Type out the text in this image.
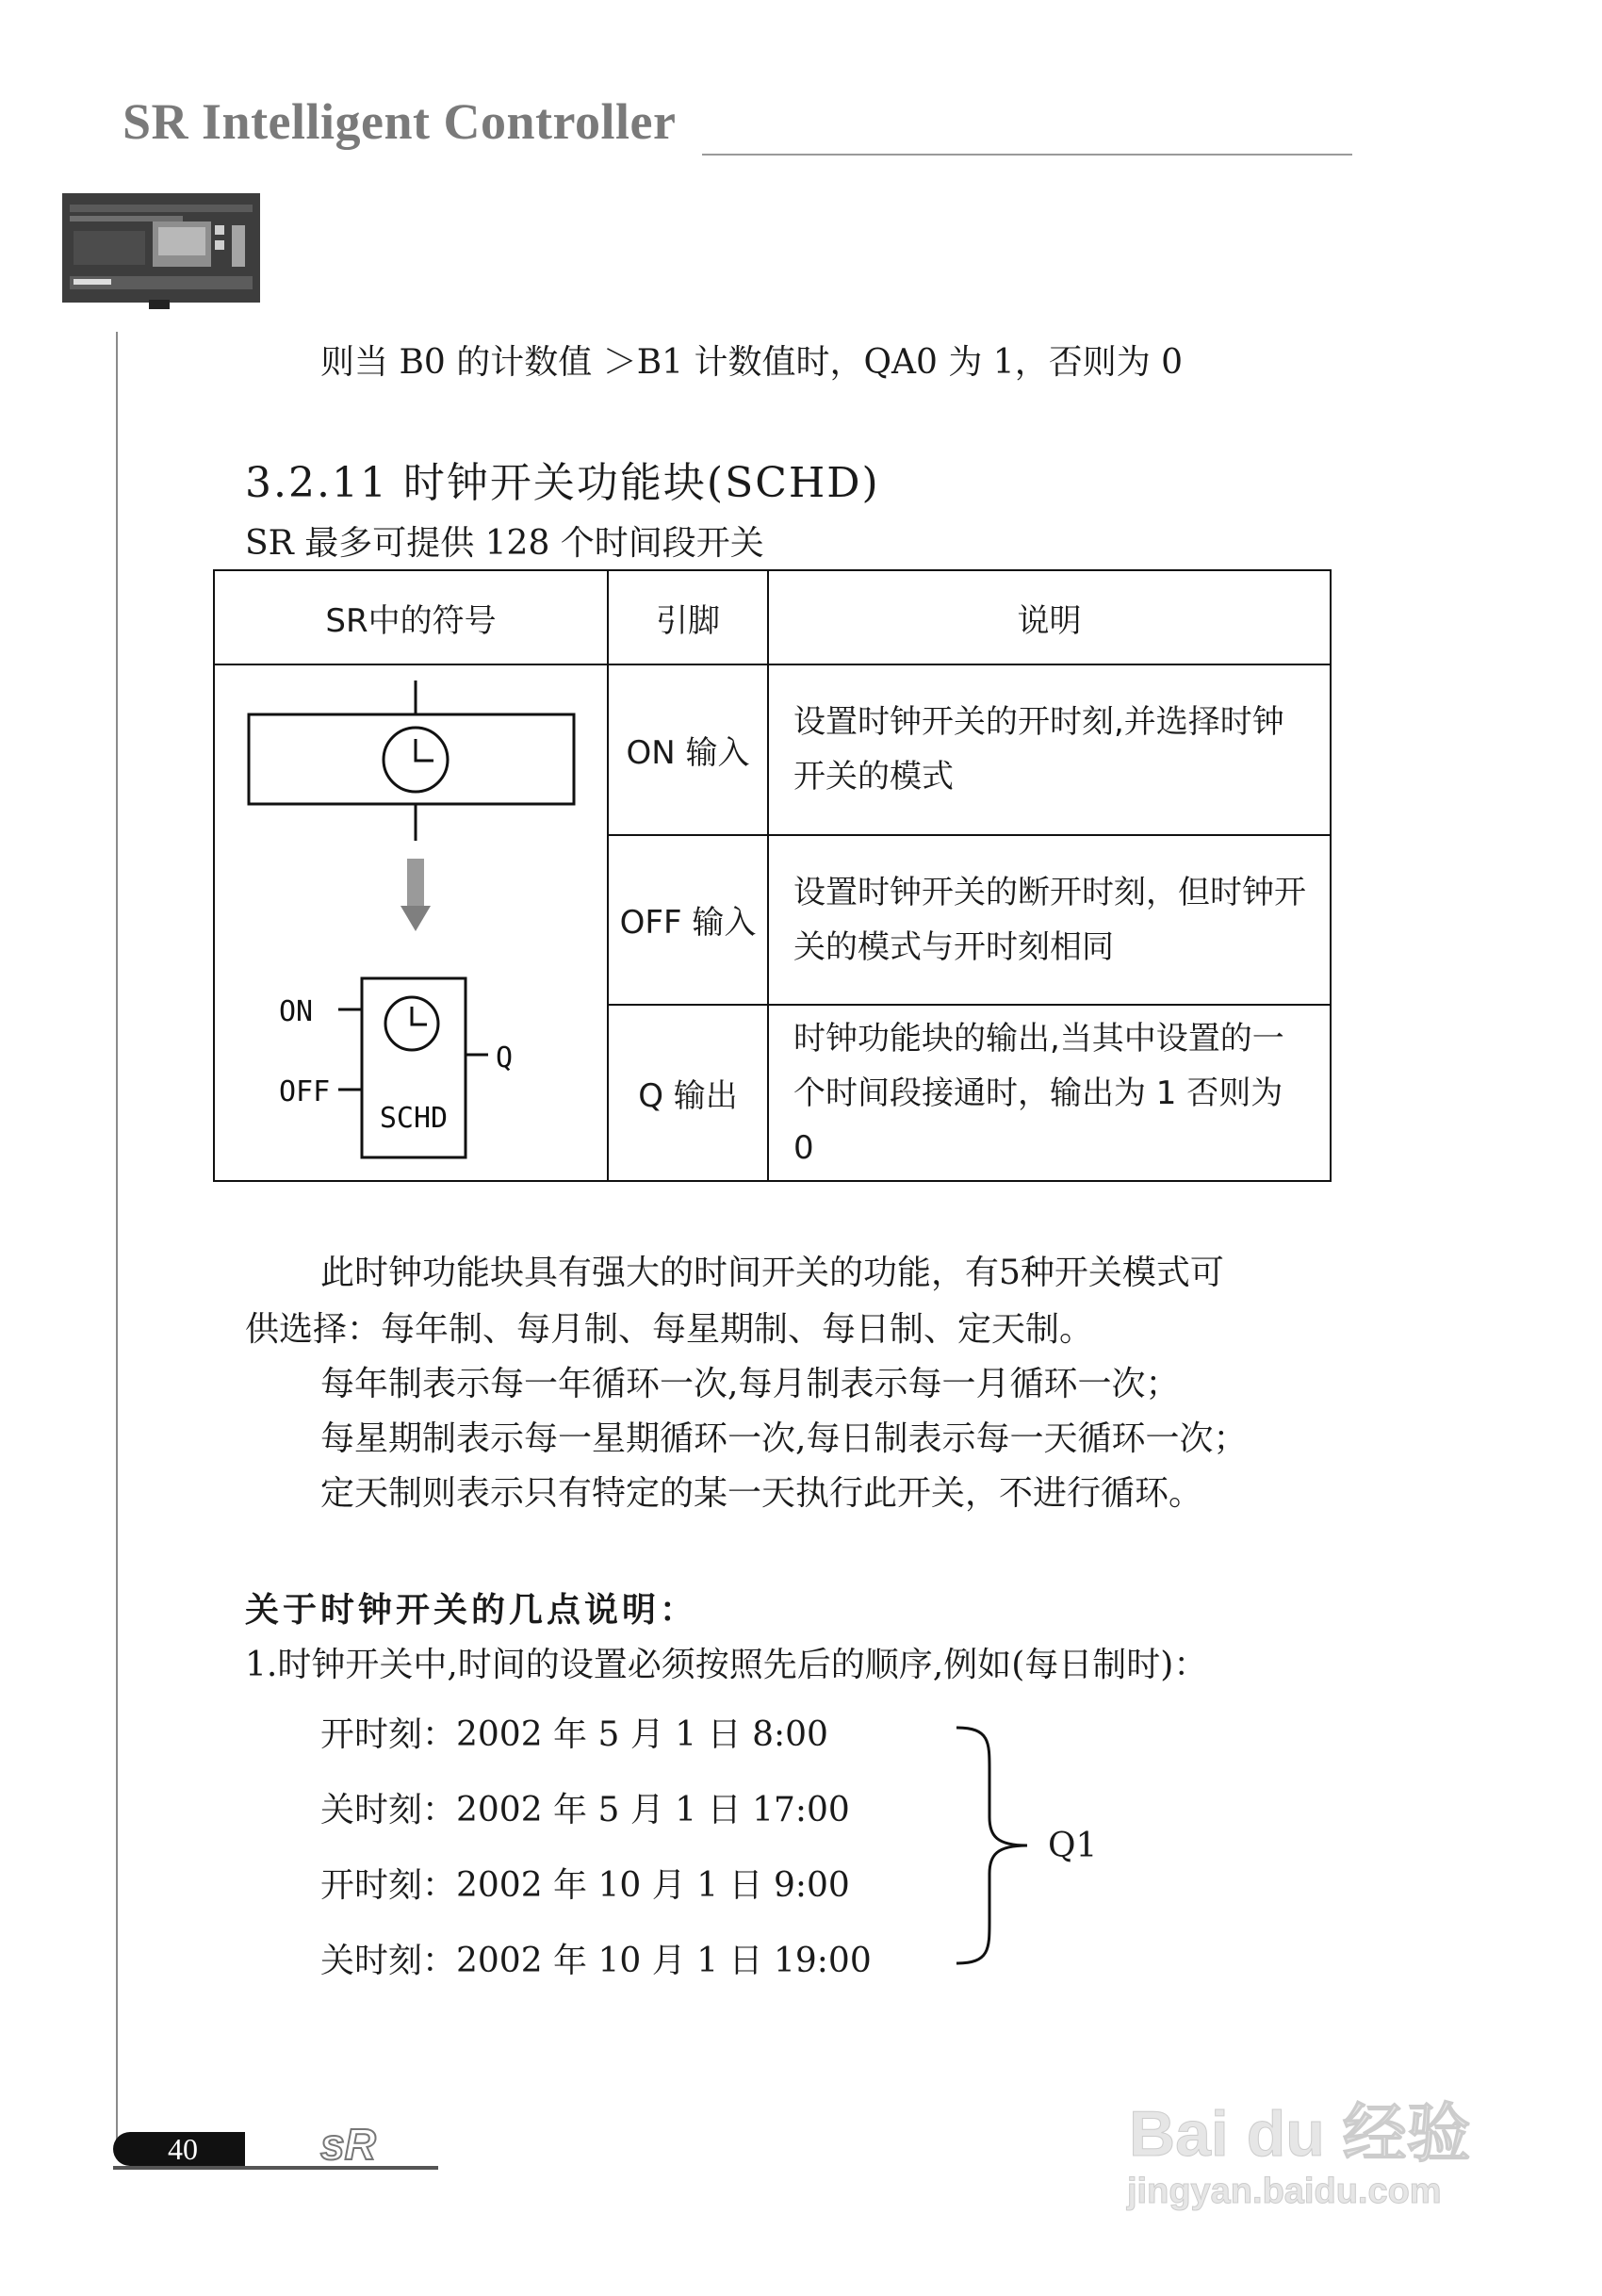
SR Intelligent Controller
则当 B0 的计数值 ＞B1 计数值时，QA0 为 1，否则为 0
3.2.11 时钟开关功能块(SCHD)
SR 最多可提供 128 个时间段开关
SR中的符号	引脚	说明

ON
OFF
Q
SCHD	ON 输入	设置时钟开关的开时刻,并选择时钟开关的模式
	OFF 输入	设置时钟开关的断开时刻，但时钟开关的模式与开时刻相同
	Q 输出	时钟功能块的输出,当其中设置的一个时间段接通时，输出为 1 否则为 0
此时钟功能块具有强大的时间开关的功能，有5种开关模式可
供选择：每年制、每月制、每星期制、每日制、定天制。
每年制表示每一年循环一次,每月制表示每一月循环一次；
每星期制表示每一星期循环一次,每日制表示每一天循环一次；
定天制则表示只有特定的某一天执行此开关，不进行循环。
关于时钟开关的几点说明：
1.时钟开关中,时间的设置必须按照先后的顺序,例如(每日制时)：
开时刻：2002 年 5 月 1 日 8:00
关时刻：2002 年 5 月 1 日 17:00
开时刻：2002 年 10 月 1 日 9:00
关时刻：2002 年 10 月 1 日 19:00
Q1
40	sR	Bai du 经验
jingyan.baidu.com
